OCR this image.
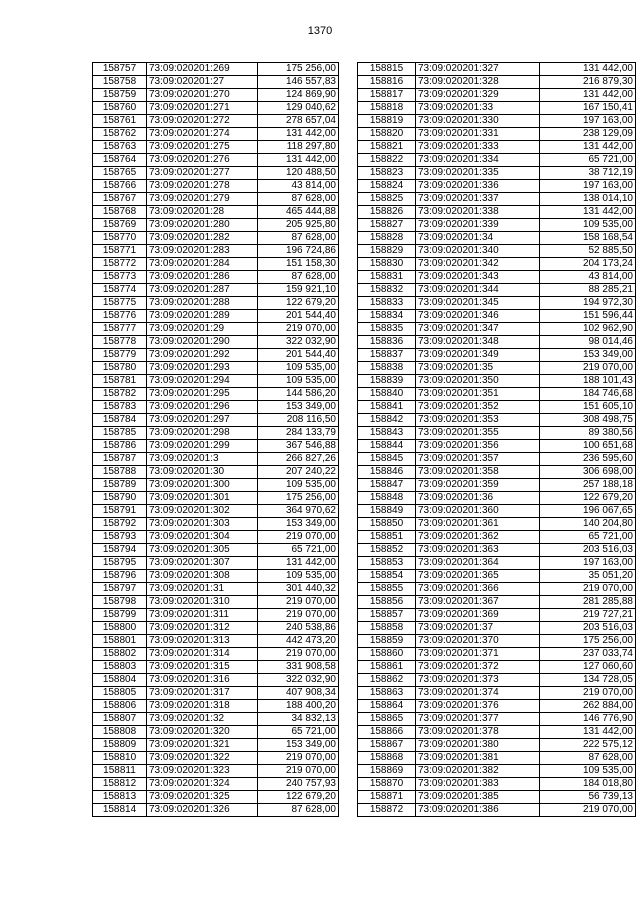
1370
158757	73:09:020201:269	175 256,00
158758	73:09:020201:27	146 557,83
158759	73:09:020201:270	124 869,90
158760	73:09:020201:271	129 040,62
158761	73:09:020201:272	278 657,04
158762	73:09:020201:274	131 442,00
158763	73:09:020201:275	118 297,80
158764	73:09:020201:276	131 442,00
158765	73:09:020201:277	120 488,50
158766	73:09:020201:278	43 814,00
158767	73:09:020201:279	87 628,00
158768	73:09:020201:28	465 444,88
158769	73:09:020201:280	205 925,80
158770	73:09:020201:282	87 628,00
158771	73:09:020201:283	196 724,86
158772	73:09:020201:284	151 158,30
158773	73:09:020201:286	87 628,00
158774	73:09:020201:287	159 921,10
158775	73:09:020201:288	122 679,20
158776	73:09:020201:289	201 544,40
158777	73:09:020201:29	219 070,00
158778	73:09:020201:290	322 032,90
158779	73:09:020201:292	201 544,40
158780	73:09:020201:293	109 535,00
158781	73:09:020201:294	109 535,00
158782	73:09:020201:295	144 586,20
158783	73:09:020201:296	153 349,00
158784	73:09:020201:297	208 116,50
158785	73:09:020201:298	284 133,79
158786	73:09:020201:299	367 546,88
158787	73:09:020201:3	266 827,26
158788	73:09:020201:30	207 240,22
158789	73:09:020201:300	109 535,00
158790	73:09:020201:301	175 256,00
158791	73:09:020201:302	364 970,62
158792	73:09:020201:303	153 349,00
158793	73:09:020201:304	219 070,00
158794	73:09:020201:305	65 721,00
158795	73:09:020201:307	131 442,00
158796	73:09:020201:308	109 535,00
158797	73:09:020201:31	301 440,32
158798	73:09:020201:310	219 070,00
158799	73:09:020201:311	219 070,00
158800	73:09:020201:312	240 538,86
158801	73:09:020201:313	442 473,20
158802	73:09:020201:314	219 070,00
158803	73:09:020201:315	331 908,58
158804	73:09:020201:316	322 032,90
158805	73:09:020201:317	407 908,34
158806	73:09:020201:318	188 400,20
158807	73:09:020201:32	34 832,13
158808	73:09:020201:320	65 721,00
158809	73:09:020201:321	153 349,00
158810	73:09:020201:322	219 070,00
158811	73:09:020201:323	219 070,00
158812	73:09:020201:324	240 757,93
158813	73:09:020201:325	122 679,20
158814	73:09:020201:326	87 628,00
158815	73:09:020201:327	131 442,00
158816	73:09:020201:328	216 879,30
158817	73:09:020201:329	131 442,00
158818	73:09:020201:33	167 150,41
158819	73:09:020201:330	197 163,00
158820	73:09:020201:331	238 129,09
158821	73:09:020201:333	131 442,00
158822	73:09:020201:334	65 721,00
158823	73:09:020201:335	38 712,19
158824	73:09:020201:336	197 163,00
158825	73:09:020201:337	138 014,10
158826	73:09:020201:338	131 442,00
158827	73:09:020201:339	109 535,00
158828	73:09:020201:34	158 168,54
158829	73:09:020201:340	52 885,50
158830	73:09:020201:342	204 173,24
158831	73:09:020201:343	43 814,00
158832	73:09:020201:344	88 285,21
158833	73:09:020201:345	194 972,30
158834	73:09:020201:346	151 596,44
158835	73:09:020201:347	102 962,90
158836	73:09:020201:348	98 014,46
158837	73:09:020201:349	153 349,00
158838	73:09:020201:35	219 070,00
158839	73:09:020201:350	188 101,43
158840	73:09:020201:351	184 746,68
158841	73:09:020201:352	151 605,10
158842	73:09:020201:353	308 498,75
158843	73:09:020201:355	89 380,56
158844	73:09:020201:356	100 651,68
158845	73:09:020201:357	236 595,60
158846	73:09:020201:358	306 698,00
158847	73:09:020201:359	257 188,18
158848	73:09:020201:36	122 679,20
158849	73:09:020201:360	196 067,65
158850	73:09:020201:361	140 204,80
158851	73:09:020201:362	65 721,00
158852	73:09:020201:363	203 516,03
158853	73:09:020201:364	197 163,00
158854	73:09:020201:365	35 051,20
158855	73:09:020201:366	219 070,00
158856	73:09:020201:367	281 285,88
158857	73:09:020201:369	219 727,21
158858	73:09:020201:37	203 516,03
158859	73:09:020201:370	175 256,00
158860	73:09:020201:371	237 033,74
158861	73:09:020201:372	127 060,60
158862	73:09:020201:373	134 728,05
158863	73:09:020201:374	219 070,00
158864	73:09:020201:376	262 884,00
158865	73:09:020201:377	146 776,90
158866	73:09:020201:378	131 442,00
158867	73:09:020201:380	222 575,12
158868	73:09:020201:381	87 628,00
158869	73:09:020201:382	109 535,00
158870	73:09:020201:383	184 018,80
158871	73:09:020201:385	56 739,13
158872	73:09:020201:386	219 070,00
